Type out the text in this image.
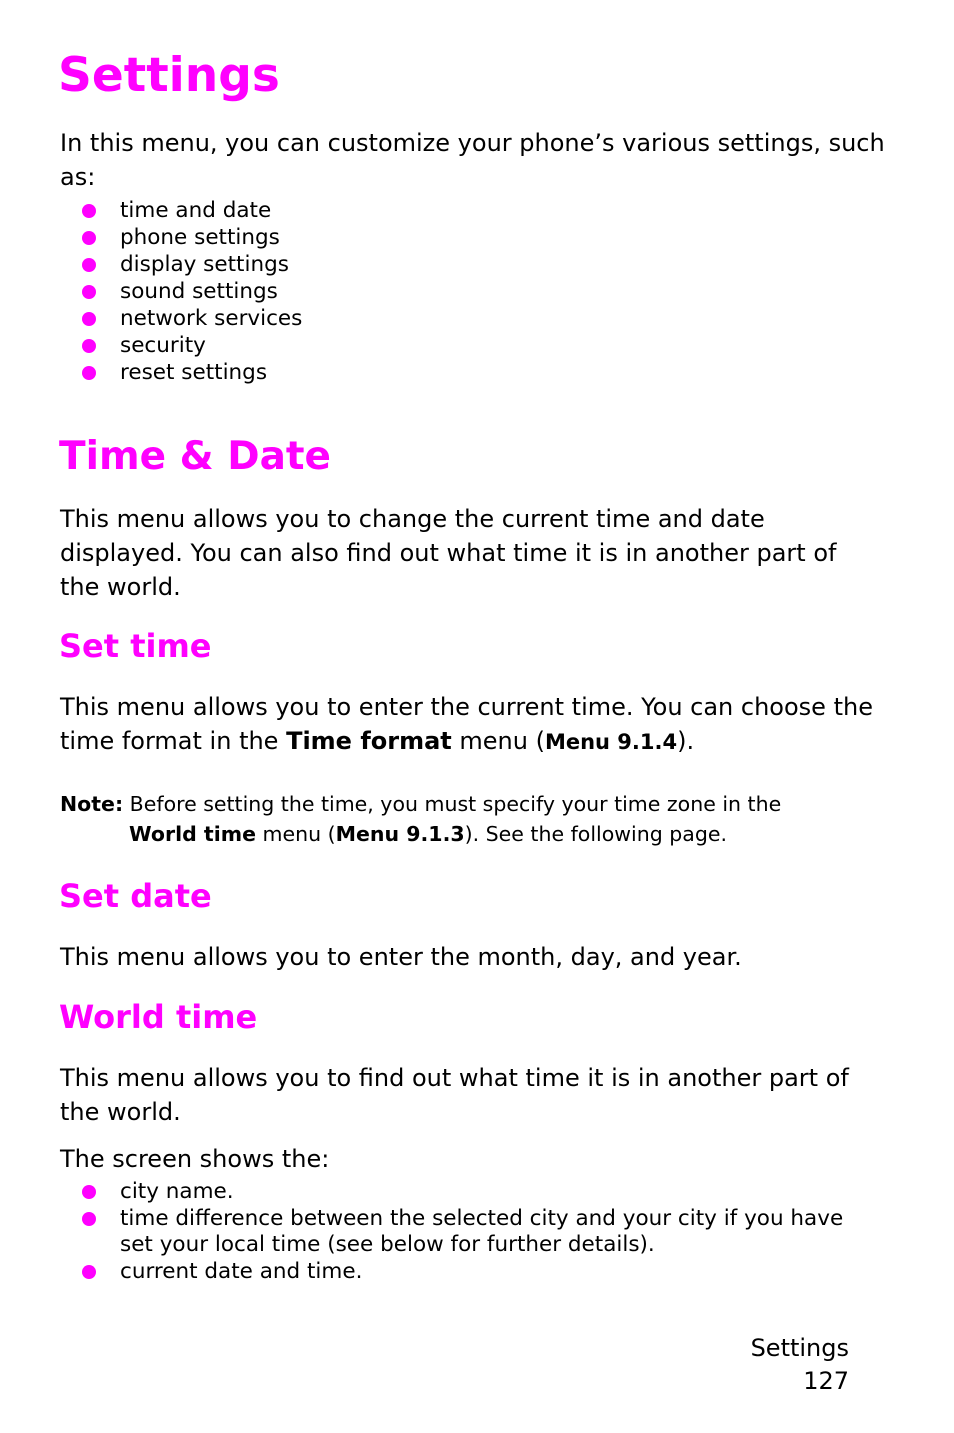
Settings

In this menu, you can customize your phone’s various settings, such as:

time and date
phone settings
display settings
sound settings
network services
security
reset settings
Time & Date

This menu allows you to change the current time and date displayed. You can also find out what time it is in another part of the world.

Set time

This menu allows you to enter the current time. You can choose the time format in the Time format menu (Menu 9.1.4).

Note: Before setting the time, you must specify your time zone in the
World time menu (Menu 9.1.3). See the following page.
Set date

This menu allows you to enter the month, day, and year.

World time

This menu allows you to find out what time it is in another part of the world.

The screen shows the:

city name.
time difference between the selected city and your city if you have set your local time (see below for further details).
current date and time.
Settings
127
